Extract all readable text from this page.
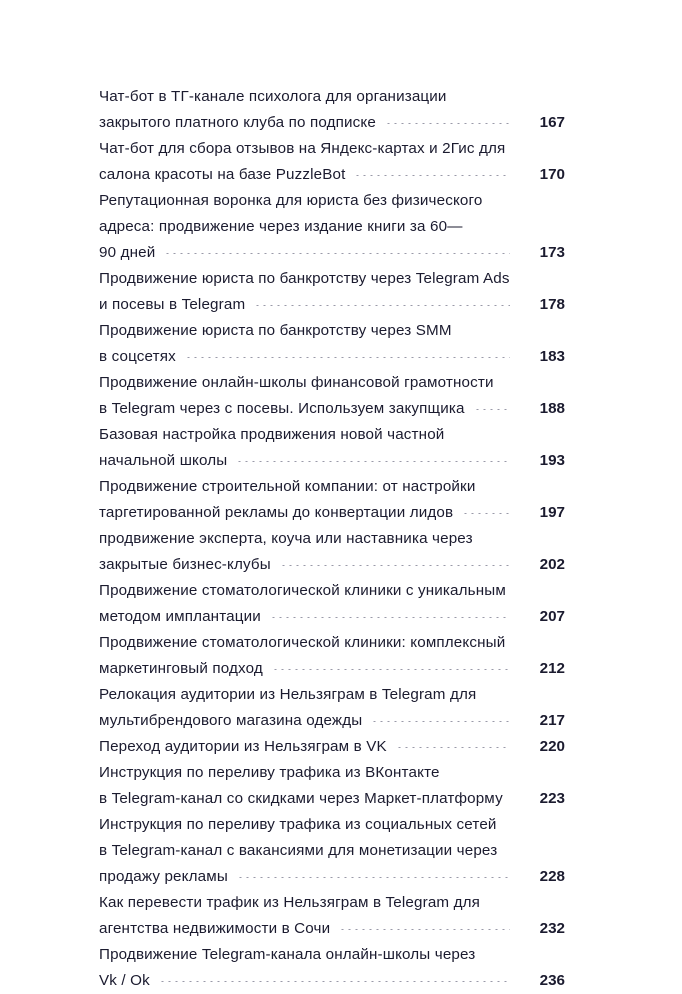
Чат-бот в ТГ-канале психолога для организации
закрытого платного клуба по подписке	167
Чат-бот для сбора отзывов на Яндекс-картах и 2Гис для
салона красоты на базе PuzzleBot	170
Репутационная воронка для юриста без физического
адреса: продвижение через издание книги за 60—
90 дней	173
Продвижение юриста по банкротству через Telegram Ads
и посевы в Telegram	178
Продвижение юриста по банкротству через SMM
в соцсетях	183
Продвижение онлайн-школы финансовой грамотности
в Telegram через с посевы. Используем закупщика	188
Базовая настройка продвижения новой частной
начальной школы	193
Продвижение строительной компании: от настройки
таргетированной рекламы до конвертации лидов	197
продвижение эксперта, коуча или наставника через
закрытые бизнес-клубы	202
Продвижение стоматологической клиники с уникальным
методом имплантации	207
Продвижение стоматологической клиники: комплексный
маркетинговый подход	212
Релокация аудитории из Нельзяграм в Telegram для
мультибрендового магазина одежды	217
Переход аудитории из Нельзяграм в VK	220
Инструкция по переливу трафика из ВКонтакте
в Telegram-канал со скидками через Маркет-платформу	223
Инструкция по переливу трафика из социальных сетей
в Telegram-канал с вакансиями для монетизации через
продажу рекламы	228
Как перевести трафик из Нельзяграм в Telegram для
агентства недвижимости в Сочи	232
Продвижение Telegram-канала онлайн-школы через
Vk / Ok	236
